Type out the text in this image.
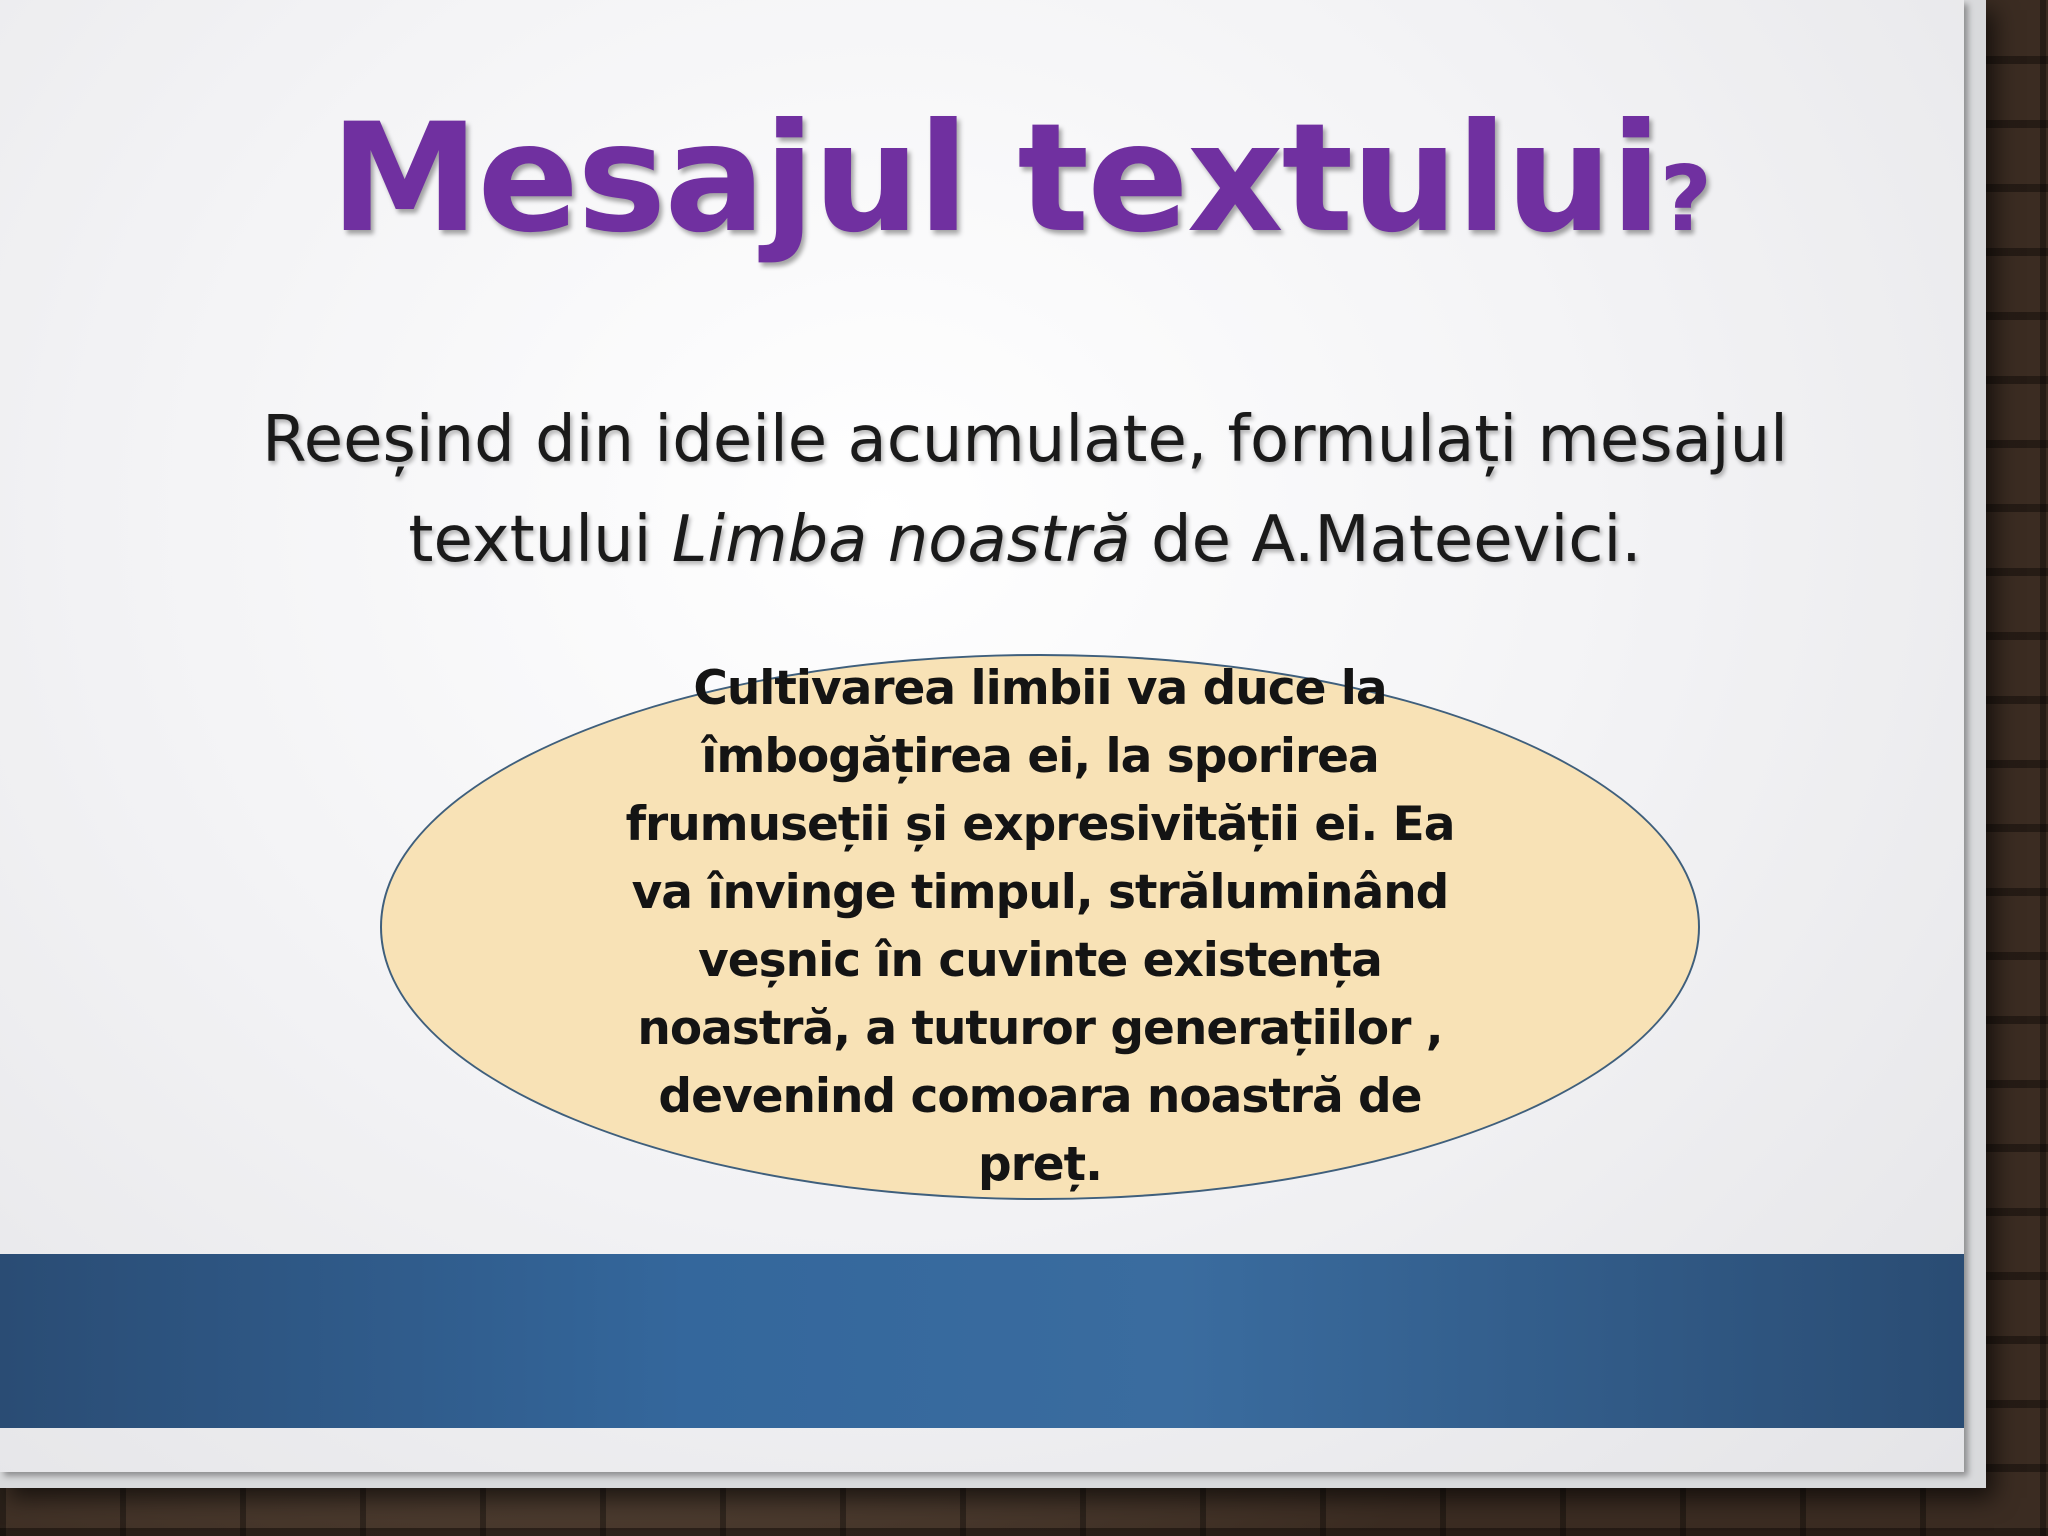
Mesajul textului?
Reeșind din ideile acumulate, formulați mesajul textului Limba noastră de A.Mateevici.
Cultivarea limbii va duce la îmbogățirea ei, la sporirea frumuseții și expresivității ei. Ea va învinge timpul, străluminând veșnic în cuvinte existența noastră, a tuturor generațiilor , devenind comoara noastră de preț.
